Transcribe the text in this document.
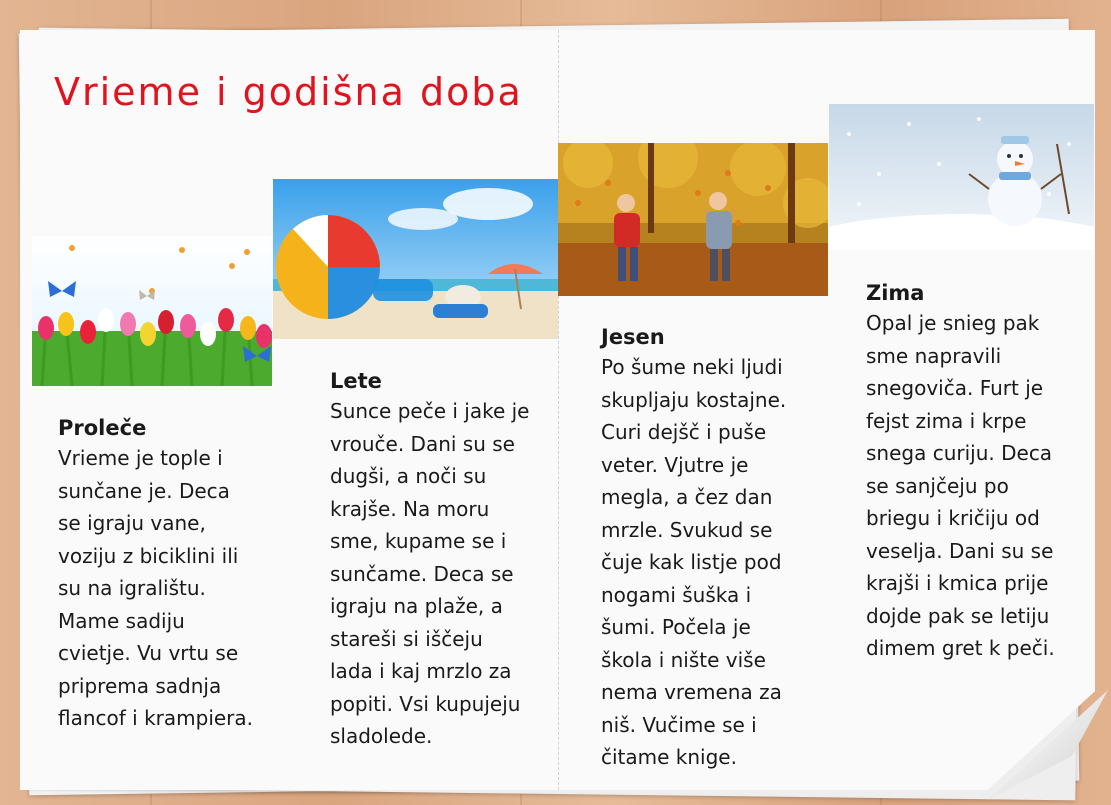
Vrieme i godišna doba
Proleče

Vrieme je tople i
sunčane je. Deca
se igraju vane,
voziju z biciklini ili
su na igralištu.
Mame sadiju
cvietje. Vu vrtu se
priprema sadnja
flancof i krampiera.

Lete

Sunce peče i jake je
vrouče. Dani su se
dugši, a noči su
krajše. Na moru
sme, kupame se i
sunčame. Deca se
igraju na plaže, a
stareši si iščeju
lada i kaj mrzlo za
popiti. Vsi kupujeju
sladolede.

Jesen

Po šume neki ljudi
skupljaju kostajne.
Curi dejšč i puše
veter. Vjutre je
megla, a čez dan
mrzle. Svukud se
čuje kak listje pod
nogami šuška i
šumi. Počela je
škola i nište više
nema vremena za
niš. Vučime se i
čitame knige.

Zima

Opal je snieg pak
sme napravili
snegoviča. Furt je
fejst zima i krpe
snega curiju. Deca
se sanjčeju po
briegu i kričiju od
veselja. Dani su se
krajši i kmica prije
dojde pak se letiju
dimem gret k peči.
